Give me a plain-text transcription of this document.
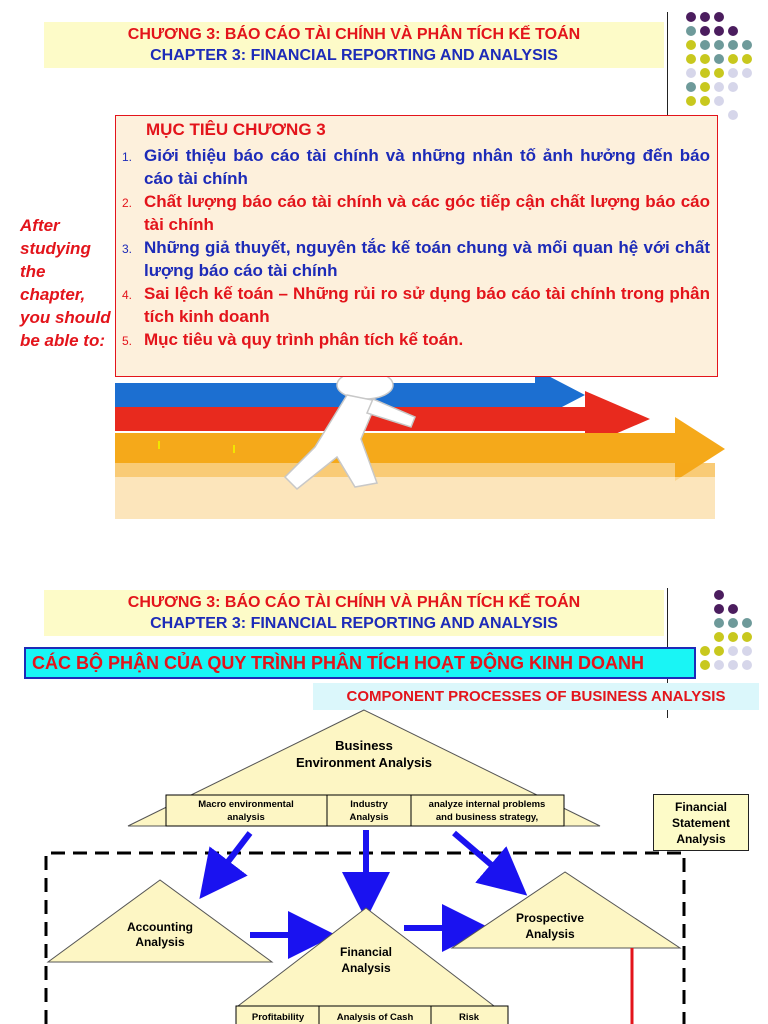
CHƯƠNG 3: BÁO CÁO TÀI CHÍNH VÀ PHÂN TÍCH KẾ TOÁN
CHAPTER 3: FINANCIAL REPORTING AND ANALYSIS
After studying the chapter, you should be able to:
MỤC TIÊU CHƯƠNG 3
1. Giới thiệu báo cáo tài chính và những nhân tố ảnh hưởng đến báo cáo tài chính
2. Chất lượng báo cáo tài chính và các góc tiếp cận chất lượng báo cáo tài chính
3. Những giả thuyết, nguyên tắc kế toán chung và mối quan hệ với chất lượng báo cáo tài chính
4. Sai lệch kế toán – Những rủi ro sử dụng báo cáo tài chính trong phân tích kinh doanh
5. Mục tiêu và quy trình phân tích kế toán.
CHƯƠNG 3: BÁO CÁO TÀI CHÍNH VÀ PHÂN TÍCH KẾ TOÁN
CHAPTER 3: FINANCIAL REPORTING AND ANALYSIS
CÁC BỘ PHẬN CỦA QUY TRÌNH PHÂN TÍCH HOẠT ĐỘNG KINH DOANH
COMPONENT PROCESSES OF BUSINESS ANALYSIS
Business
Environment Analysis
Macro environmental
analysis
Industry
Analysis
analyze internal problems
and business strategy,
Accounting
Analysis
Prospective
Analysis
Financial
Analysis
Profitability	Analysis of Cash	Risk
Financial
Statement
Analysis
